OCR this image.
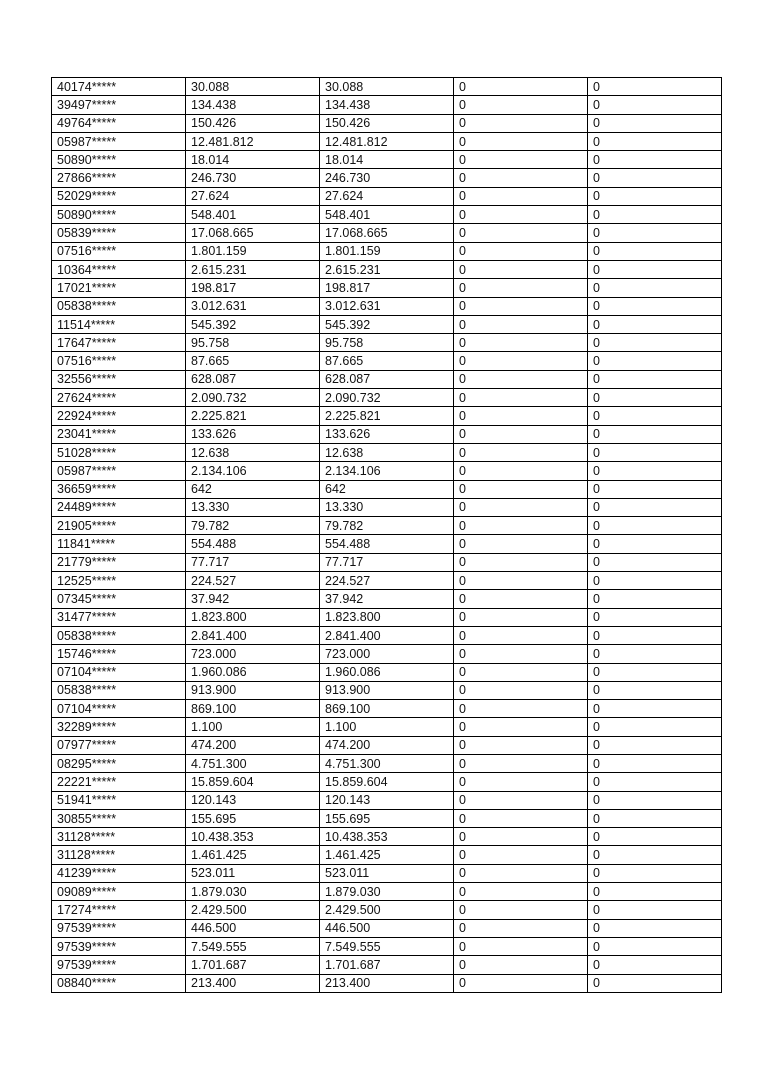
40174*****	30.088	30.088	0	0
39497*****	134.438	134.438	0	0
49764*****	150.426	150.426	0	0
05987*****	12.481.812	12.481.812	0	0
50890*****	18.014	18.014	0	0
27866*****	246.730	246.730	0	0
52029*****	27.624	27.624	0	0
50890*****	548.401	548.401	0	0
05839*****	17.068.665	17.068.665	0	0
07516*****	1.801.159	1.801.159	0	0
10364*****	2.615.231	2.615.231	0	0
17021*****	198.817	198.817	0	0
05838*****	3.012.631	3.012.631	0	0
11514*****	545.392	545.392	0	0
17647*****	95.758	95.758	0	0
07516*****	87.665	87.665	0	0
32556*****	628.087	628.087	0	0
27624*****	2.090.732	2.090.732	0	0
22924*****	2.225.821	2.225.821	0	0
23041*****	133.626	133.626	0	0
51028*****	12.638	12.638	0	0
05987*****	2.134.106	2.134.106	0	0
36659*****	642	642	0	0
24489*****	13.330	13.330	0	0
21905*****	79.782	79.782	0	0
11841*****	554.488	554.488	0	0
21779*****	77.717	77.717	0	0
12525*****	224.527	224.527	0	0
07345*****	37.942	37.942	0	0
31477*****	1.823.800	1.823.800	0	0
05838*****	2.841.400	2.841.400	0	0
15746*****	723.000	723.000	0	0
07104*****	1.960.086	1.960.086	0	0
05838*****	913.900	913.900	0	0
07104*****	869.100	869.100	0	0
32289*****	1.100	1.100	0	0
07977*****	474.200	474.200	0	0
08295*****	4.751.300	4.751.300	0	0
22221*****	15.859.604	15.859.604	0	0
51941*****	120.143	120.143	0	0
30855*****	155.695	155.695	0	0
31128*****	10.438.353	10.438.353	0	0
31128*****	1.461.425	1.461.425	0	0
41239*****	523.011	523.011	0	0
09089*****	1.879.030	1.879.030	0	0
17274*****	2.429.500	2.429.500	0	0
97539*****	446.500	446.500	0	0
97539*****	7.549.555	7.549.555	0	0
97539*****	1.701.687	1.701.687	0	0
08840*****	213.400	213.400	0	0
